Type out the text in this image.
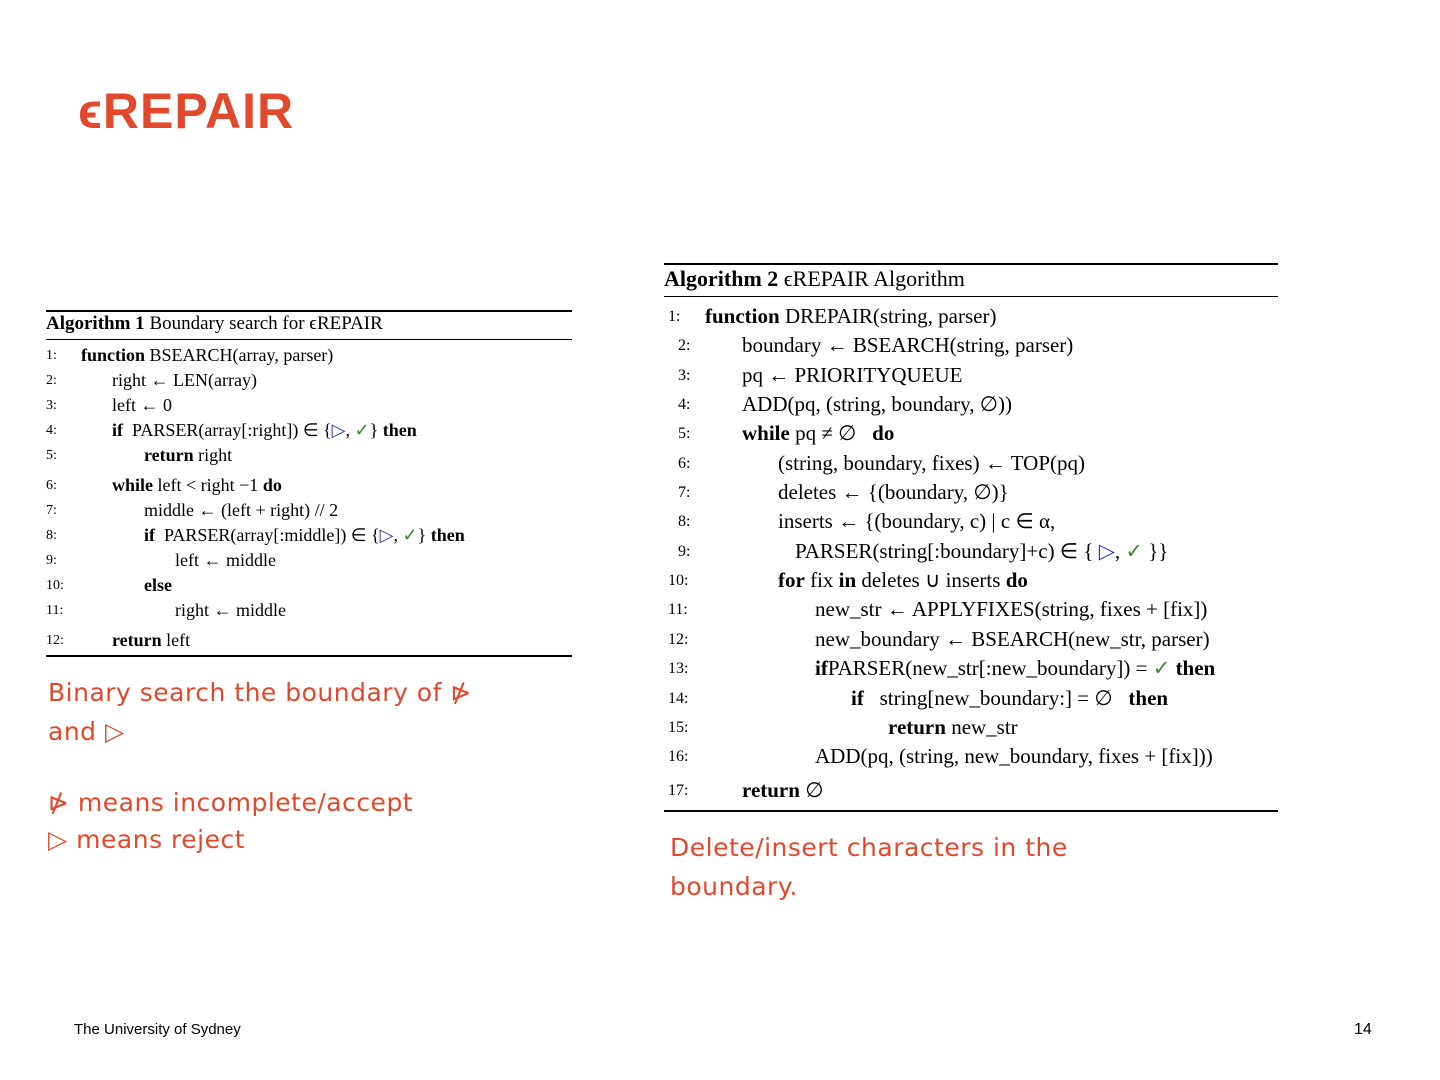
ϵREPAIR
Algorithm 1 Boundary search for ϵREPAIR
1: function BSEARCH(array, parser)
2:	right ← LEN(array)
3:	left ← 0
4:	if PARSER(array[:right]) ∈ {▷, ✓} then
5:	return right
6:	while left < right −1 do
7:	middle ← (left + right) // 2
8:	if PARSER(array[:middle]) ∈ {▷, ✓} then
9:	left ← middle
10:	else
11:	right ← middle
12:	return left
Algorithm 2 ϵREPAIR Algorithm
1: function DREPAIR(string, parser)
2: boundary ← BSEARCH(string, parser)
3: pq ← PRIORITYQUEUE
4: ADD(pq, (string, boundary, ∅))
5: while pq ≠ ∅ do
6:	(string, boundary, fixes) ← TOP(pq)
7:	deletes ← {(boundary, ∅)}
8:	inserts ← {(boundary, c) | c ∈ α,
9:	PARSER(string[:boundary]+c) ∈ { ▷, ✓ }}
10:	for fix in deletes ∪ inserts do
11:	new_str ← APPLYFIXES(string, fixes + [fix])
12:	new_boundary ← BSEARCH(new_str, parser)
13:	ifPARSER(new_str[:new_boundary]) = ✓ then
14:	if string[new_boundary:] = ∅ then
15:	return new_str
16:	ADD(pq, (string, new_boundary, fixes + [fix]))
17:	return ∅
Binary search the boundary of ⋫
and ▷
⋫ means incomplete/accept
▷ means reject	Delete/insert characters in the
boundary.
The University of Sydney	14
